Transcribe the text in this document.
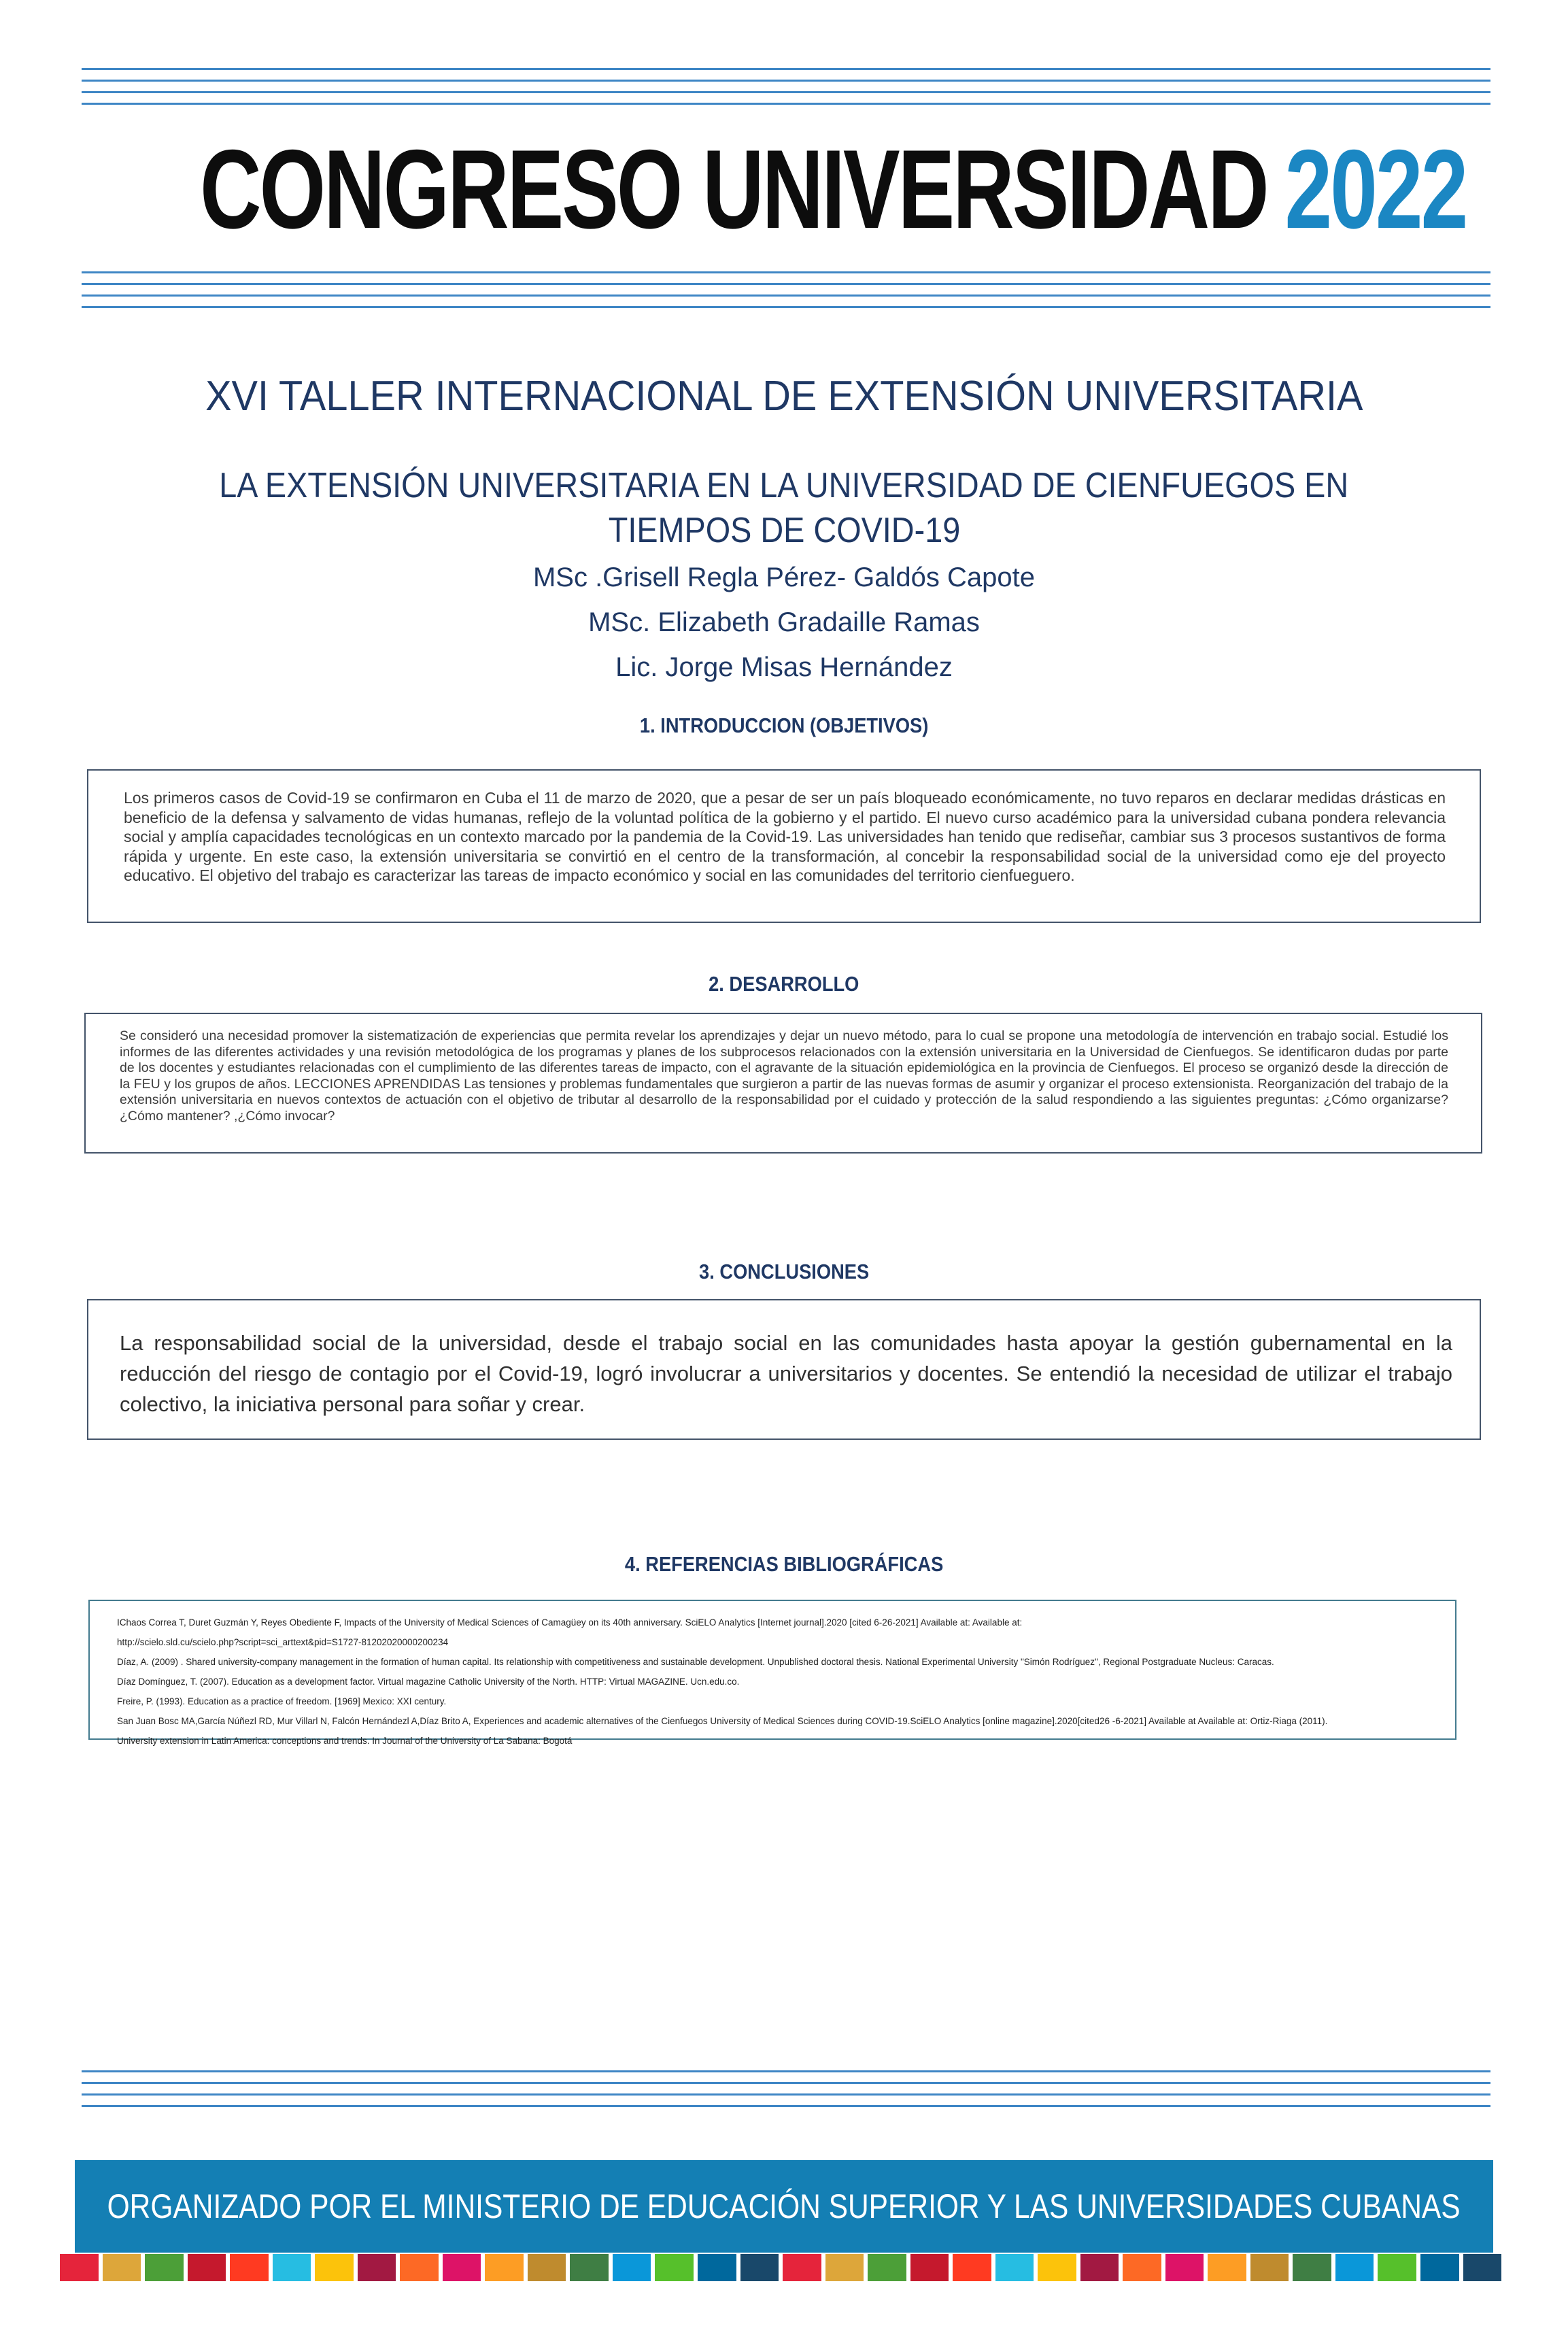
CONGRESO UNIVERSIDAD 2022
XVI TALLER INTERNACIONAL DE EXTENSIÓN UNIVERSITARIA
LA EXTENSIÓN UNIVERSITARIA EN LA UNIVERSIDAD DE CIENFUEGOS EN
TIEMPOS DE COVID-19
MSc .Grisell Regla Pérez- Galdós Capote
MSc. Elizabeth Gradaille Ramas
Lic. Jorge Misas Hernández
1. INTRODUCCION (OBJETIVOS)
Los primeros casos de Covid-19 se confirmaron en Cuba el 11 de marzo de 2020, que a pesar de ser un país bloqueado económicamente, no tuvo reparos en declarar medidas drásticas en beneficio de la defensa y salvamento de vidas humanas, reflejo de la voluntad política de la gobierno y el partido. El nuevo curso académico para la universidad cubana pondera relevancia social y amplía capacidades tecnológicas en un contexto marcado por la pandemia de la Covid-19. Las universidades han tenido que rediseñar, cambiar sus 3 procesos sustantivos de forma rápida y urgente. En este caso, la extensión universitaria se convirtió en el centro de la transformación, al concebir la responsabilidad social de la universidad como eje del proyecto educativo. El objetivo del trabajo es caracterizar las tareas de impacto económico y social en las comunidades del territorio cienfueguero.
2. DESARROLLO
Se consideró una necesidad promover la sistematización de experiencias que permita revelar los aprendizajes y dejar un nuevo método, para lo cual se propone una metodología de intervención en trabajo social. Estudié los informes de las diferentes actividades y una revisión metodológica de los programas y planes de los subprocesos relacionados con la extensión universitaria en la Universidad de Cienfuegos. Se identificaron dudas por parte de los docentes y estudiantes relacionadas con el cumplimiento de las diferentes tareas de impacto, con el agravante de la situación epidemiológica en la provincia de Cienfuegos. El proceso se organizó desde la dirección de la FEU y los grupos de años. LECCIONES APRENDIDAS Las tensiones y problemas fundamentales que surgieron a partir de las nuevas formas de asumir y organizar el proceso extensionista. Reorganización del trabajo de la extensión universitaria en nuevos contextos de actuación con el objetivo de tributar al desarrollo de la responsabilidad por el cuidado y protección de la salud respondiendo a las siguientes preguntas: ¿Cómo organizarse?¿Cómo mantener? ,¿Cómo invocar?
3. CONCLUSIONES
La responsabilidad social de la universidad, desde el trabajo social en las comunidades hasta apoyar la gestión gubernamental en la reducción del riesgo de contagio por el Covid-19, logró involucrar a universitarios y docentes. Se entendió la necesidad de utilizar el trabajo colectivo, la iniciativa personal para soñar y crear.
4. REFERENCIAS BIBLIOGRÁFICAS
IChaos Correa T, Duret Guzmán Y, Reyes Obediente F, Impacts of the University of Medical Sciences of Camagüey on its 40th anniversary. SciELO Analytics [Internet journal].2020 [cited 6-26-2021] Available at: Available at:
http://scielo.sld.cu/scielo.php?script=sci_arttext&pid=S1727-81202020000200234
Díaz, A. (2009) . Shared university-company management in the formation of human capital. Its relationship with competitiveness and sustainable development. Unpublished doctoral thesis. National Experimental University "Simón Rodríguez", Regional Postgraduate Nucleus: Caracas.
Díaz Domínguez, T. (2007). Education as a development factor. Virtual magazine Catholic University of the North. HTTP: Virtual MAGAZINE. Ucn.edu.co.
Freire, P. (1993). Education as a practice of freedom. [1969] Mexico: XXI century.
San Juan Bosc MA,García Núñezl RD, Mur Villarl N, Falcón Hernándezl A,Díaz Brito A, Experiences and academic alternatives of the Cienfuegos University of Medical Sciences during COVID-19.SciELO Analytics [online magazine].2020[cited26 -6-2021] Available at Available at: Ortiz-Riaga (2011).
University extension in Latin America: conceptions and trends. In Journal of the University of La Sabana: Bogotá
ORGANIZADO POR EL MINISTERIO DE EDUCACIÓN SUPERIOR Y LAS UNIVERSIDADES CUBANAS
